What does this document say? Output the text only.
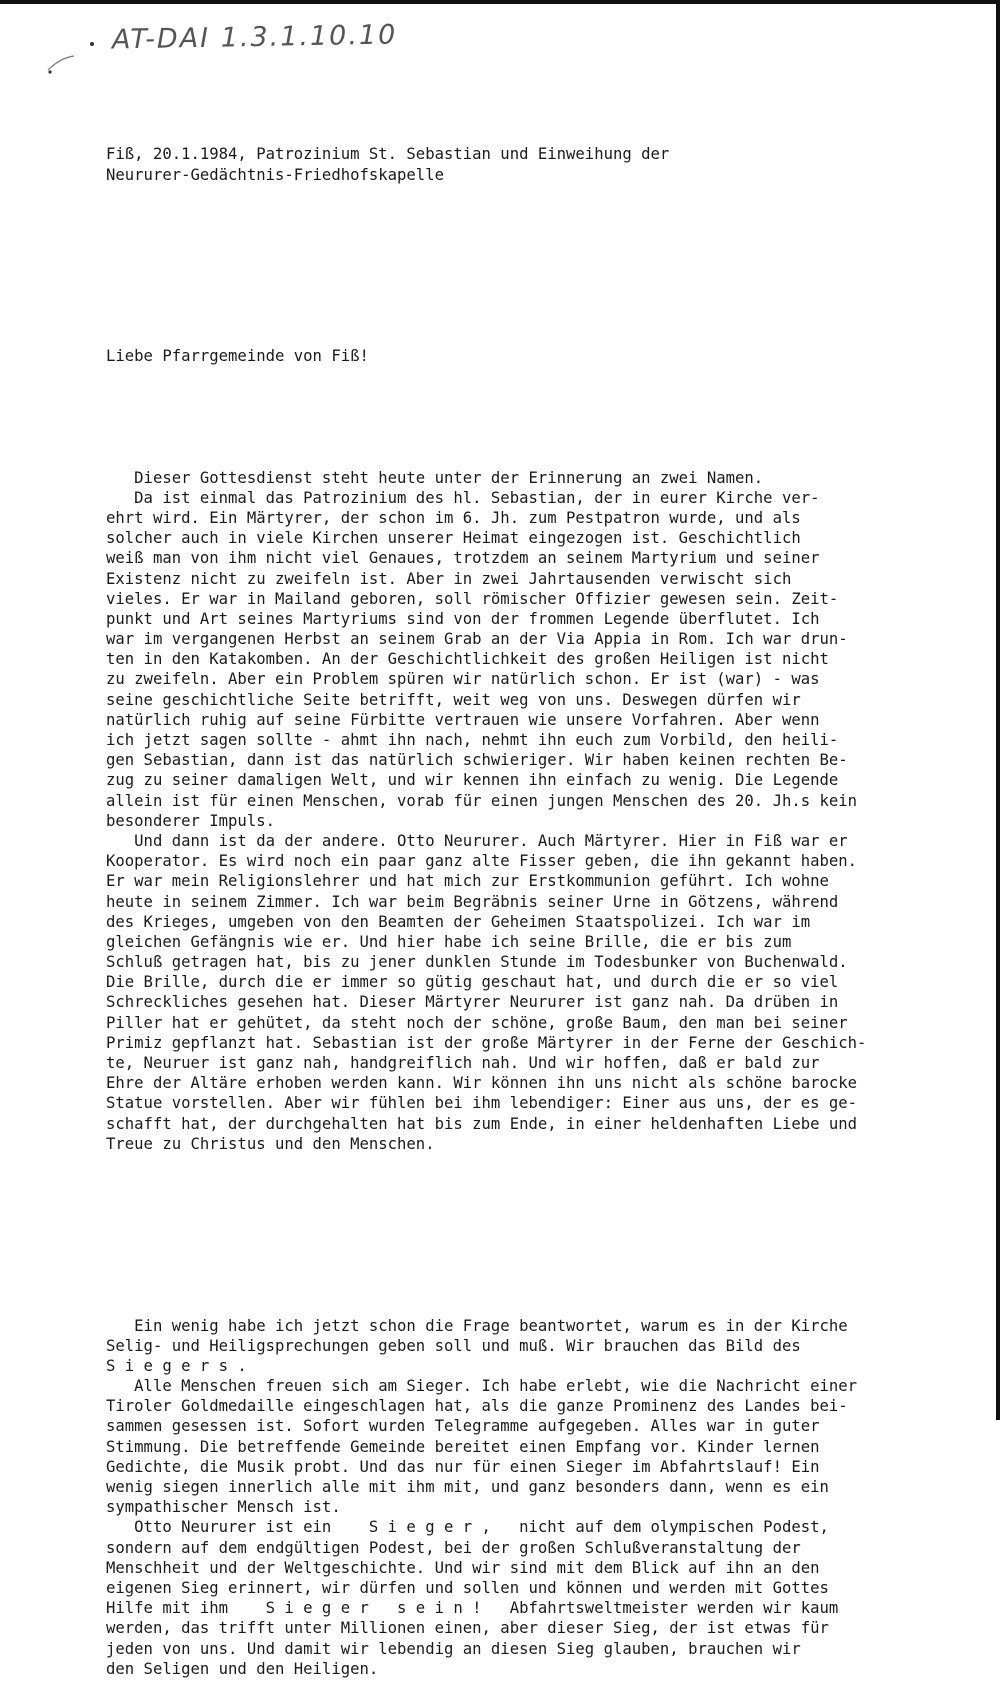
AT-DAI 1.3.1.10.10

Fiß, 20.1.1984, Patrozinium St. Sebastian und Einweihung der
Neururer-Gedächtnis-Friedhofskapelle

Liebe Pfarrgemeinde von Fiß!

Dieser Gottesdienst steht heute unter der Erinnerung an zwei Namen.
Da ist einmal das Patrozinium des hl. Sebastian, der in eurer Kirche ver-
ehrt wird. Ein Märtyrer, der schon im 6. Jh. zum Pestpatron wurde, und als
solcher auch in viele Kirchen unserer Heimat eingezogen ist. Geschichtlich
weiß man von ihm nicht viel Genaues, trotzdem an seinem Martyrium und seiner
Existenz nicht zu zweifeln ist. Aber in zwei Jahrtausenden verwischt sich
vieles. Er war in Mailand geboren, soll römischer Offizier gewesen sein. Zeit-
punkt und Art seines Martyriums sind von der frommen Legende überflutet. Ich
war im vergangenen Herbst an seinem Grab an der Via Appia in Rom. Ich war drun-
ten in den Katakomben. An der Geschichtlichkeit des großen Heiligen ist nicht
zu zweifeln. Aber ein Problem spüren wir natürlich schon. Er ist (war) - was
seine geschichtliche Seite betrifft, weit weg von uns. Deswegen dürfen wir
natürlich ruhig auf seine Fürbitte vertrauen wie unsere Vorfahren. Aber wenn
ich jetzt sagen sollte - ahmt ihn nach, nehmt ihn euch zum Vorbild, den heili-
gen Sebastian, dann ist das natürlich schwieriger. Wir haben keinen rechten Be-
zug zu seiner damaligen Welt, und wir kennen ihn einfach zu wenig. Die Legende
allein ist für einen Menschen, vorab für einen jungen Menschen des 20. Jh.s kein
besonderer Impuls.
Und dann ist da der andere. Otto Neururer. Auch Märtyrer. Hier in Fiß war er
Kooperator. Es wird noch ein paar ganz alte Fisser geben, die ihn gekannt haben.
Er war mein Religionslehrer und hat mich zur Erstkommunion geführt. Ich wohne
heute in seinem Zimmer. Ich war beim Begräbnis seiner Urne in Götzens, während
des Krieges, umgeben von den Beamten der Geheimen Staatspolizei. Ich war im
gleichen Gefängnis wie er. Und hier habe ich seine Brille, die er bis zum
Schluß getragen hat, bis zu jener dunklen Stunde im Todesbunker von Buchenwald.
Die Brille, durch die er immer so gütig geschaut hat, und durch die er so viel
Schreckliches gesehen hat. Dieser Märtyrer Neururer ist ganz nah. Da drüben in
Piller hat er gehütet, da steht noch der schöne, große Baum, den man bei seiner
Primiz gepflanzt hat. Sebastian ist der große Märtyrer in der Ferne der Geschich-
te, Neuruer ist ganz nah, handgreiflich nah. Und wir hoffen, daß er bald zur
Ehre der Altäre erhoben werden kann. Wir können ihn uns nicht als schöne barocke
Statue vorstellen. Aber wir fühlen bei ihm lebendiger: Einer aus uns, der es ge-
schafft hat, der durchgehalten hat bis zum Ende, in einer heldenhaften Liebe und
Treue zu Christus und den Menschen.

Ein wenig habe ich jetzt schon die Frage beantwortet, warum es in der Kirche
Selig- und Heiligsprechungen geben soll und muß. Wir brauchen das Bild des
S i e g e r s .
Alle Menschen freuen sich am Sieger. Ich habe erlebt, wie die Nachricht einer
Tiroler Goldmedaille eingeschlagen hat, als die ganze Prominenz des Landes bei-
sammen gesessen ist. Sofort wurden Telegramme aufgegeben. Alles war in guter
Stimmung. Die betreffende Gemeinde bereitet einen Empfang vor. Kinder lernen
Gedichte, die Musik probt. Und das nur für einen Sieger im Abfahrtslauf! Ein
wenig siegen innerlich alle mit ihm mit, und ganz besonders dann, wenn es ein
sympathischer Mensch ist.
Otto Neururer ist ein    S i e g e r ,   nicht auf dem olympischen Podest,
sondern auf dem endgültigen Podest, bei der großen Schlußveranstaltung der
Menschheit und der Weltgeschichte. Und wir sind mit dem Blick auf ihn an den
eigenen Sieg erinnert, wir dürfen und sollen und können und werden mit Gottes
Hilfe mit ihm    S i e g e r   s e i n !   Abfahrtsweltmeister werden wir kaum
werden, das trifft unter Millionen einen, aber dieser Sieg, der ist etwas für
jeden von uns. Und damit wir lebendig an diesen Sieg glauben, brauchen wir
den Seligen und den Heiligen.
